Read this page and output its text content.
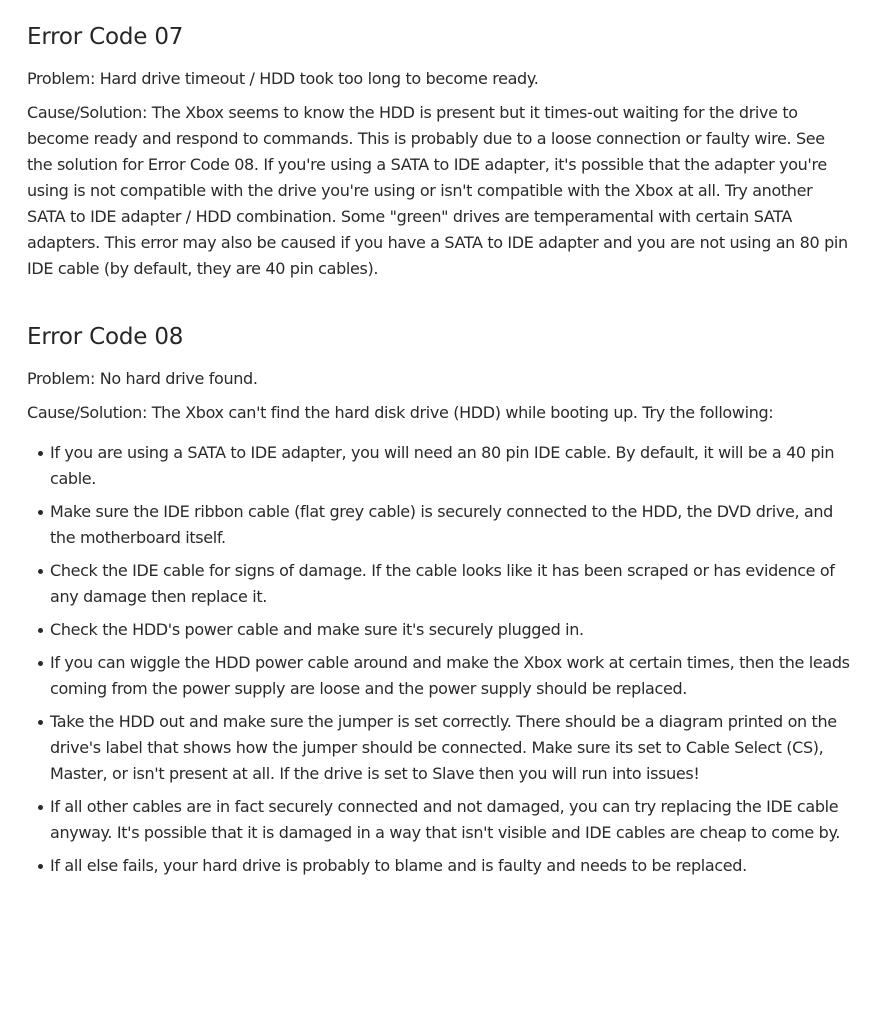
Error Code 07

Problem: Hard drive timeout / HDD took too long to become ready.

Cause/Solution: The Xbox seems to know the HDD is present but it times-out waiting for the drive to become ready and respond to commands. This is probably due to a loose connection or faulty wire. See the solution for Error Code 08. If you're using a SATA to IDE adapter, it's possible that the adapter you're using is not compatible with the drive you're using or isn't compatible with the Xbox at all. Try another SATA to IDE adapter / HDD combination. Some "green" drives are temperamental with certain SATA adapters. This error may also be caused if you have a SATA to IDE adapter and you are not using an 80 pin IDE cable (by default, they are 40 pin cables).

Error Code 08

Problem: No hard drive found.

Cause/Solution: The Xbox can't find the hard disk drive (HDD) while booting up. Try the following:

If you are using a SATA to IDE adapter, you will need an 80 pin IDE cable. By default, it will be a 40 pin cable.
Make sure the IDE ribbon cable (flat grey cable) is securely connected to the HDD, the DVD drive, and the motherboard itself.
Check the IDE cable for signs of damage. If the cable looks like it has been scraped or has evidence of any damage then replace it.
Check the HDD's power cable and make sure it's securely plugged in.
If you can wiggle the HDD power cable around and make the Xbox work at certain times, then the leads coming from the power supply are loose and the power supply should be replaced.
Take the HDD out and make sure the jumper is set correctly. There should be a diagram printed on the drive's label that shows how the jumper should be connected. Make sure its set to Cable Select (CS), Master, or isn't present at all. If the drive is set to Slave then you will run into issues!
If all other cables are in fact securely connected and not damaged, you can try replacing the IDE cable anyway. It's possible that it is damaged in a way that isn't visible and IDE cables are cheap to come by.
If all else fails, your hard drive is probably to blame and is faulty and needs to be replaced.
